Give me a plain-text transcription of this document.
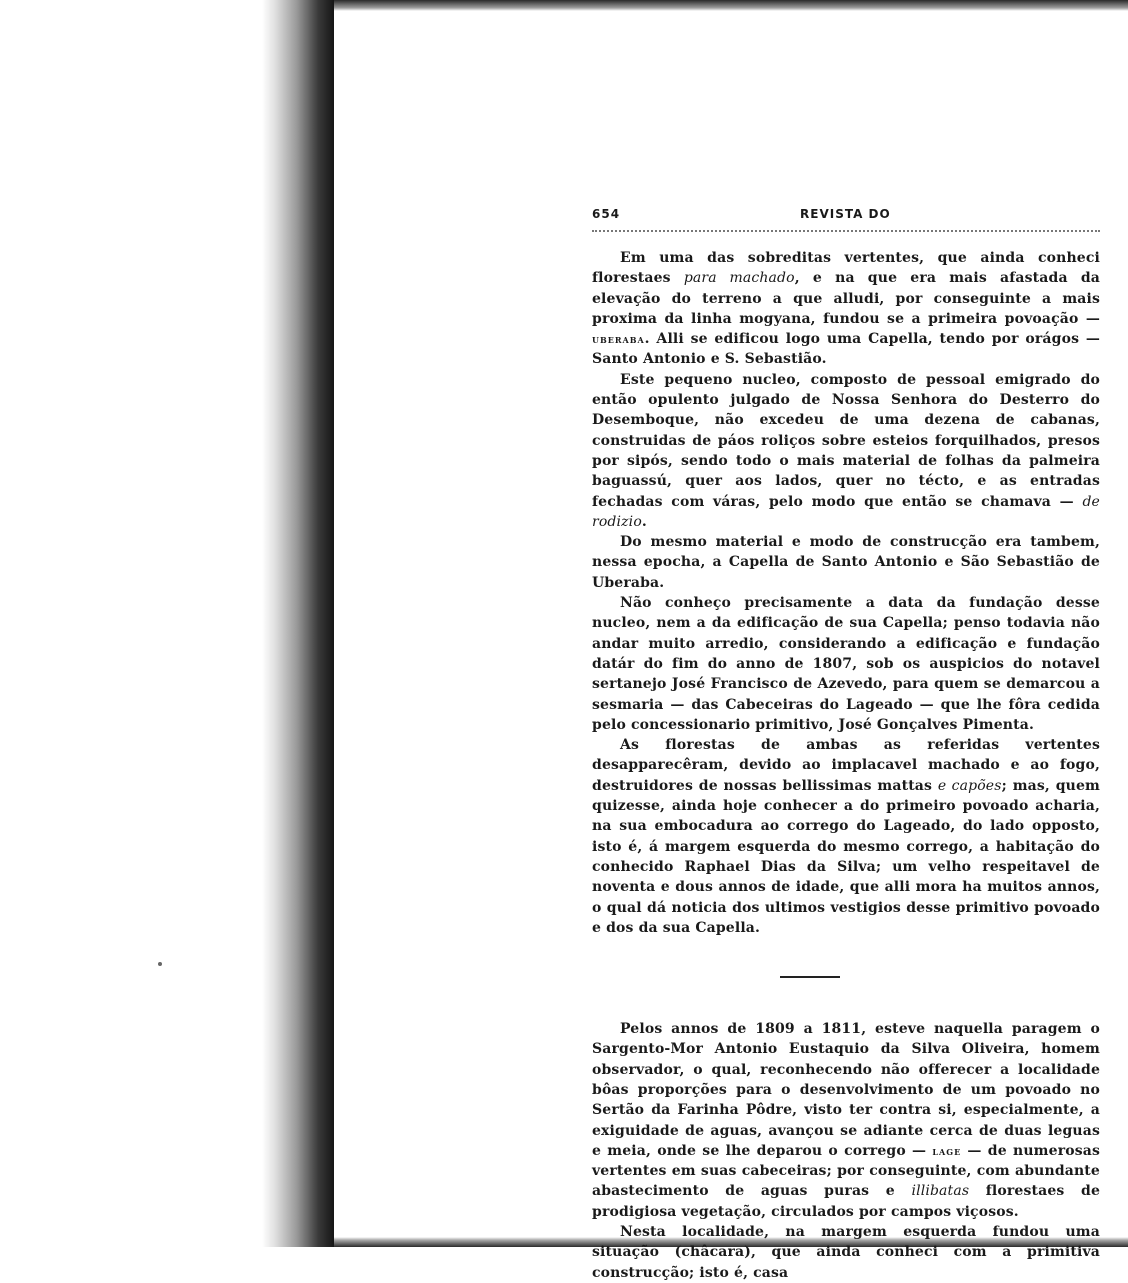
654	REVISTA DO

Em uma das sobreditas vertentes, que ainda conheci florestaes para machado, e na que era mais afastada da elevação do terreno a que alludi, por conseguinte a mais proxima da linha mogyana, fundou se a primeira povoação — uberaba. Alli se edificou logo uma Capella, tendo por orágos — Santo Antonio e S. Sebastião.

Este pequeno nucleo, composto de pessoal emigrado do então opulento julgado de Nossa Senhora do Desterro do Desemboque, não excedeu de uma dezena de cabanas, construidas de páos roliços sobre esteios forquilhados, presos por sipós, sendo todo o mais material de folhas da palmeira baguassú, quer aos lados, quer no técto, e as entradas fechadas com váras, pelo modo que então se chamava — de rodizio.

Do mesmo material e modo de construcção era tambem, nessa epocha, a Capella de Santo Antonio e São Sebastião de Uberaba.

Não conheço precisamente a data da fundação desse nucleo, nem a da edificação de sua Capella; penso todavia não andar muito arredio, considerando a edificação e fundação datár do fim do anno de 1807, sob os auspicios do notavel sertanejo José Francisco de Azevedo, para quem se demarcou a sesmaria — das Cabeceiras do Lageado — que lhe fôra cedida pelo concessionario primitivo, José Gonçalves Pimenta.

As florestas de ambas as referidas vertentes desapparecêram, devido ao implacavel machado e ao fogo, destruidores de nossas bellissimas mattas e capões; mas, quem quizesse, ainda hoje conhecer a do primeiro povoado acharia, na sua embocadura ao corrego do Lageado, do lado opposto, isto é, á margem esquerda do mesmo corrego, a habitação do conhecido Raphael Dias da Silva; um velho respeitavel de noventa e dous annos de idade, que alli mora ha muitos annos, o qual dá noticia dos ultimos vestigios desse primitivo povoado e dos da sua Capella.

Pelos annos de 1809 a 1811, esteve naquella paragem o Sargento-Mor Antonio Eustaquio da Silva Oliveira, homem observador, o qual, reconhecendo não offerecer a localidade bôas proporções para o desenvolvimento de um povoado no Sertão da Farinha Pôdre, visto ter contra si, especialmente, a exiguidade de aguas, avançou se adiante cerca de duas leguas e meia, onde se lhe deparou o corrego — lage — de numerosas vertentes em suas cabeceiras; por conseguinte, com abundante abastecimento de aguas puras e illibatas florestaes de prodigiosa vegetação, circulados por campos viçosos.

Nesta localidade, na margem esquerda fundou uma situação (châcara), que ainda conheci com a primitiva construcção; isto é, casa
